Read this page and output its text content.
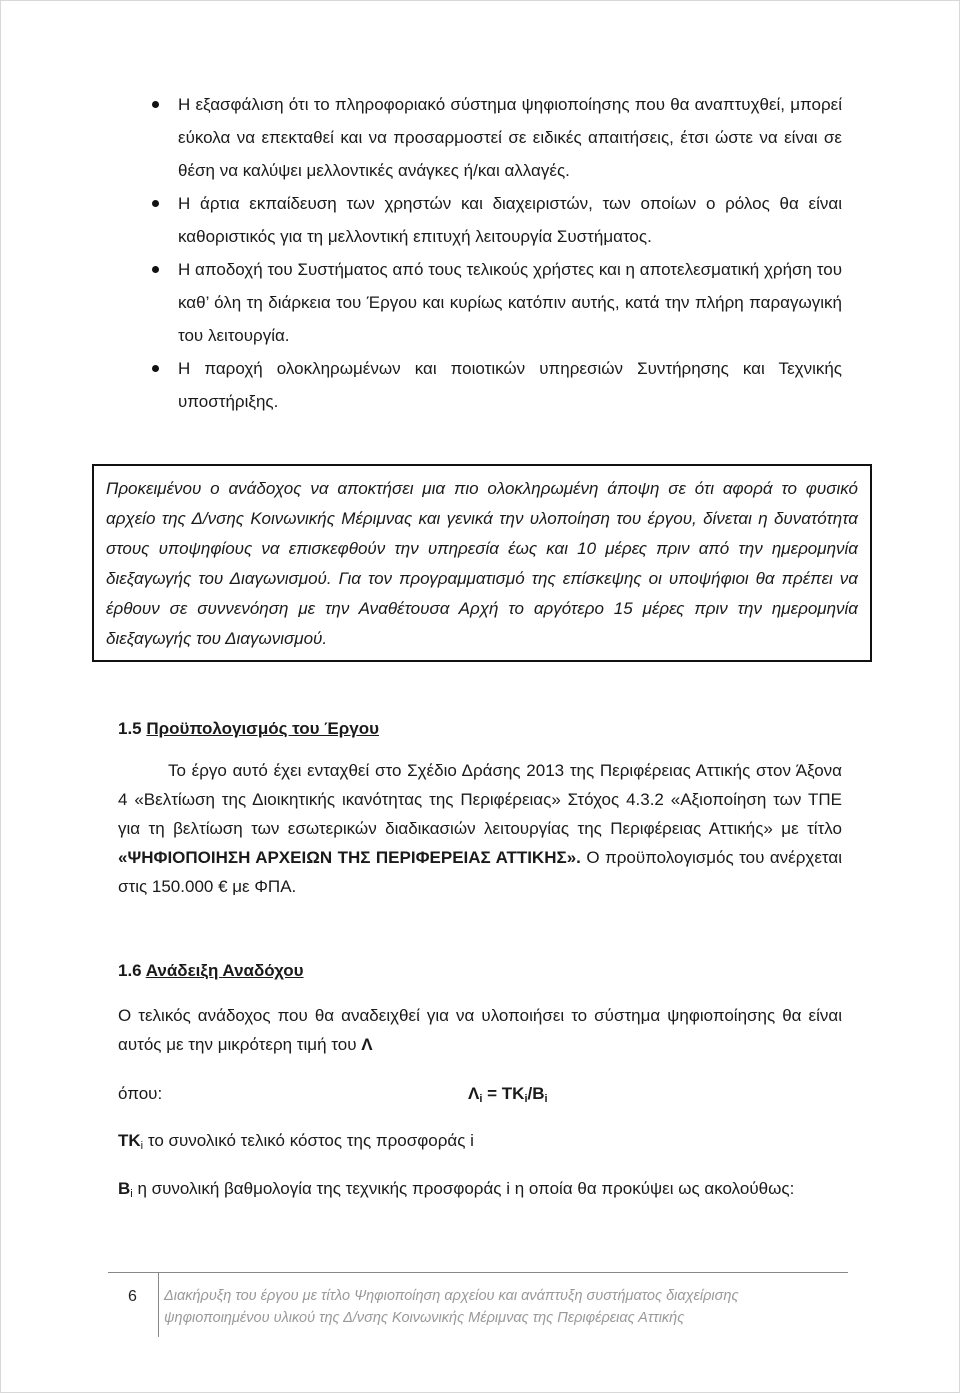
Η εξασφάλιση ότι το πληροφοριακό σύστημα ψηφιοποίησης που θα αναπτυχθεί, μπορεί εύκολα να επεκταθεί και να προσαρμοστεί σε ειδικές απαιτήσεις, έτσι ώστε να είναι σε θέση να καλύψει μελλοντικές ανάγκες ή/και αλλαγές.
Η άρτια εκπαίδευση των χρηστών και διαχειριστών, των οποίων ο ρόλος θα είναι καθοριστικός για τη μελλοντική επιτυχή λειτουργία Συστήματος.
Η αποδοχή του Συστήματος από τους τελικούς χρήστες και η αποτελεσματική χρήση του καθ’ όλη τη διάρκεια του Έργου και κυρίως κατόπιν αυτής, κατά την πλήρη παραγωγική του λειτουργία.
Η παροχή ολοκληρωμένων και ποιοτικών υπηρεσιών Συντήρησης και Τεχνικής υποστήριξης.
Προκειμένου ο ανάδοχος να αποκτήσει μια πιο ολοκληρωμένη άποψη σε ότι αφορά το φυσικό αρχείο της Δ/νσης Κοινωνικής Μέριμνας και γενικά την υλοποίηση του έργου, δίνεται η δυνατότητα στους υποψηφίους να επισκεφθούν την υπηρεσία έως και 10 μέρες πριν από την ημερομηνία διεξαγωγής του Διαγωνισμού. Για τον προγραμματισμό της επίσκεψης οι υποψήφιοι θα πρέπει να έρθουν σε συννενόηση με την Αναθέτουσα Αρχή το αργότερο 15 μέρες πριν την ημερομηνία διεξαγωγής του Διαγωνισμού.
1.5 Προϋπολογισμός του Έργου
Το έργο αυτό έχει ενταχθεί στο Σχέδιο Δράσης 2013 της Περιφέρειας Αττικής στον Άξονα 4 «Βελτίωση της Διοικητικής ικανότητας της Περιφέρειας» Στόχος 4.3.2 «Αξιοποίηση των ΤΠΕ για τη βελτίωση των εσωτερικών διαδικασιών λειτουργίας της Περιφέρειας Αττικής» με τίτλο «ΨΗΦΙΟΠΟΙΗΣΗ ΑΡΧΕΙΩΝ ΤΗΣ ΠΕΡΙΦΕΡΕΙΑΣ ΑΤΤΙΚΗΣ». Ο προϋπολογισμός του ανέρχεται στις 150.000 € με ΦΠΑ.
1.6 Ανάδειξη Αναδόχου
Ο τελικός ανάδοχος που θα αναδειχθεί για να υλοποιήσει το σύστημα ψηφιοποίησης θα είναι αυτός με την μικρότερη τιμή του Λ
όπου:	$\Lambda_i = TK_i/B_i$
$TK_i$ το συνολικό τελικό κόστος της προσφοράς i
$B_i$ η συνολική βαθμολογία της τεχνικής προσφοράς i η οποία θα προκύψει ως ακολούθως:
6 Διακήρυξη του έργου με τίτλο Ψηφιοποίηση αρχείου και ανάπτυξη συστήματος διαχείρισης
ψηφιοποιημένου υλικού της Δ/νσης Κοινωνικής Μέριμνας της Περιφέρειας Αττικής
